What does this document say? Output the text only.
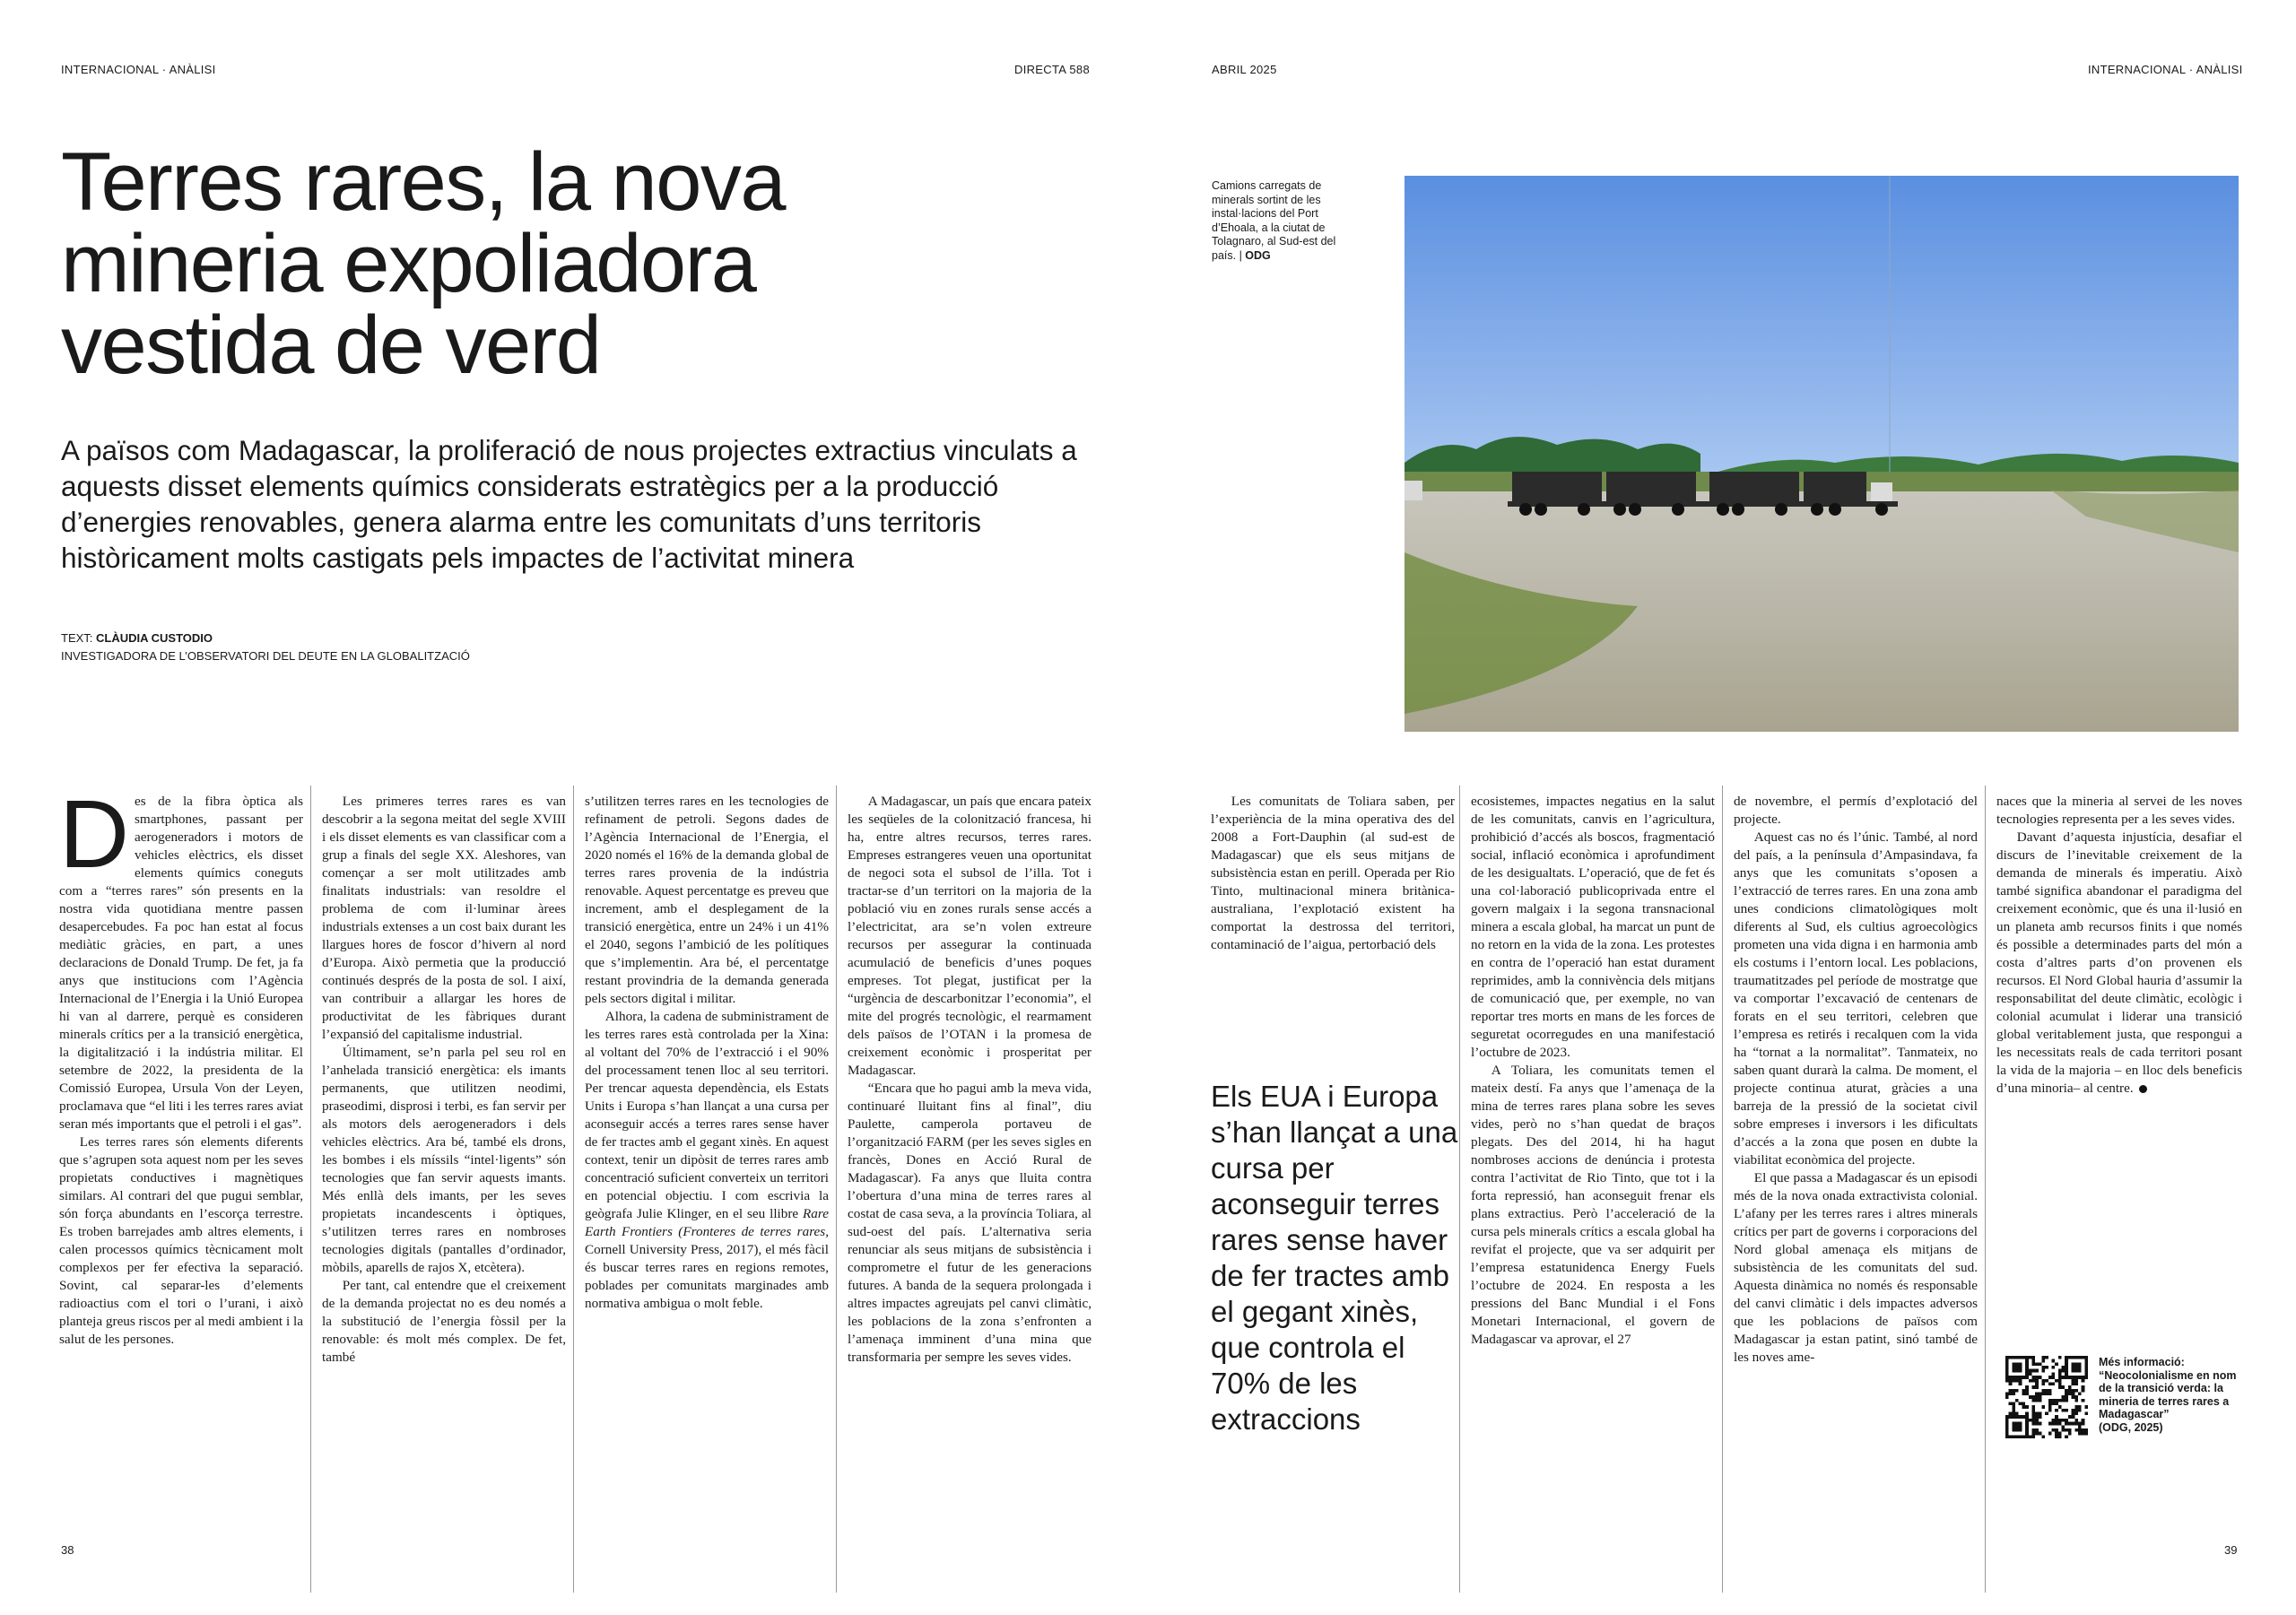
INTERNACIONAL · ANÀLISI	DIRECTA 588	ABRIL 2025	INTERNACIONAL · ANÀLISI
Terres rares, la nova mineria expoliadora vestida de verd

A països com Madagascar, la proliferació de nous projectes extractius vinculats a aquests disset elements químics considerats estratègics per a la producció d’energies renovables, genera alarma entre les comunitats d’uns territoris històricament molts castigats pels impactes de l’activitat minera

TEXT: CLÀUDIA CUSTODIO
INVESTIGADORA DE L’OBSERVATORI DEL DEUTE EN LA GLOBALITZACIÓ
Camions carregats de minerals sortint de les instal·lacions del Port d’Ehoala, a la ciutat de Tolagnaro, al Sud-est del país. | ODG

Des de la fibra òptica als smartphones, passant per aerogeneradors i motors de vehicles elèctrics, els disset elements químics coneguts com a “terres rares” són presents en la nostra vida quotidiana mentre passen desapercebudes. Fa poc han estat al focus mediàtic gràcies, en part, a unes declaracions de Donald Trump. De fet, ja fa anys que institucions com l’Agència Internacional de l’Energia i la Unió Europea hi van al darrere, perquè es consideren minerals crítics per a la transició energètica, la digitalització i la indústria militar. El setembre de 2022, la presidenta de la Comissió Europea, Ursula Von der Leyen, proclamava que “el liti i les terres rares aviat seran més importants que el petroli i el gas”.

Les terres rares són elements diferents que s’agrupen sota aquest nom per les seves propietats conductives i magnètiques similars. Al contrari del que pugui semblar, són força abundants en l’escorça terrestre. Es troben barrejades amb altres elements, i calen processos químics tècnicament molt complexos per fer efectiva la separació. Sovint, cal separar-les d’elements radioactius com el tori o l’urani, i això planteja greus riscos per al medi ambient i la salut de les persones.

Les primeres terres rares es van descobrir a la segona meitat del segle XVIII i els disset elements es van classificar com a grup a finals del segle XX. Aleshores, van començar a ser molt utilitzades amb finalitats industrials: van resoldre el problema de com il·luminar àrees industrials extenses a un cost baix durant les llargues hores de foscor d’hivern al nord d’Europa. Això permetia que la producció continués després de la posta de sol. I així, van contribuir a allargar les hores de productivitat de les fàbriques durant l’expansió del capitalisme industrial.

Últimament, se’n parla pel seu rol en l’anhelada transició energètica: els imants permanents, que utilitzen neodimi, praseodimi, disprosi i terbi, es fan servir per als motors dels aerogeneradors i dels vehicles elèctrics. Ara bé, també els drons, les bombes i els míssils “intel·ligents” són tecnologies que fan servir aquests imants. Més enllà dels imants, per les seves propietats incandescents i òptiques, s’utilitzen terres rares en nombroses tecnologies digitals (pantalles d’ordinador, mòbils, aparells de rajos X, etcètera).

Per tant, cal entendre que el creixement de la demanda projectat no es deu només a la substitució de l’energia fòssil per la renovable: és molt més complex. De fet, també

s’utilitzen terres rares en les tecnologies de refinament de petroli. Segons dades de l’Agència Internacional de l’Energia, el 2020 només el 16% de la demanda global de terres rares provenia de la indústria renovable. Aquest percentatge es preveu que increment, amb el desplegament de la transició energètica, entre un 24% i un 41% el 2040, segons l’ambició de les polítiques que s’implementin. Ara bé, el percentatge restant provindria de la demanda generada pels sectors digital i militar.

Alhora, la cadena de subministrament de les terres rares està controlada per la Xina: al voltant del 70% de l’extracció i el 90% del processament tenen lloc al seu territori. Per trencar aquesta dependència, els Estats Units i Europa s’han llançat a una cursa per aconseguir accés a terres rares sense haver de fer tractes amb el gegant xinès. En aquest context, tenir un dipòsit de terres rares amb concentració suficient converteix un territori en potencial objectiu. I com escrivia la geògrafa Julie Klinger, en el seu llibre Rare Earth Frontiers (Fronteres de terres rares, Cornell University Press, 2017), el més fàcil és buscar terres rares en regions remotes, poblades per comunitats marginades amb normativa ambigua o molt feble.

A Madagascar, un país que encara pateix les seqüeles de la colonització francesa, hi ha, entre altres recursos, terres rares. Empreses estrangeres veuen una oportunitat de negoci sota el subsol de l’illa. Tot i tractar-se d’un territori on la majoria de la població viu en zones rurals sense accés a l’electricitat, ara se’n volen extreure recursos per assegurar la continuada acumulació de beneficis d’unes poques empreses. Tot plegat, justificat per la “urgència de descarbonitzar l’economia”, el mite del progrés tecnològic, el rearmament dels països de l’OTAN i la promesa de creixement econòmic i prosperitat per Madagascar.

“Encara que ho pagui amb la meva vida, continuaré lluitant fins al final”, diu Paulette, camperola portaveu de l’organització FARM (per les seves sigles en francès, Dones en Acció Rural de Madagascar). Fa anys que lluita contra l’obertura d’una mina de terres rares al costat de casa seva, a la província Toliara, al sud-oest del país. L’alternativa seria renunciar als seus mitjans de subsistència i comprometre el futur de les generacions futures. A banda de la sequera prolongada i altres impactes agreujats pel canvi climàtic, les poblacions de la zona s’enfronten a l’amenaça imminent d’una mina que transformaria per sempre les seves vides.

Les comunitats de Toliara saben, per l’experiència de la mina operativa des del 2008 a Fort-Dauphin (al sud-est de Madagascar) que els seus mitjans de subsistència estan en perill. Operada per Rio Tinto, multinacional minera britànica-australiana, l’explotació existent ha comportat la destrossa del territori, contaminació de l’aigua, pertorbació dels

Els EUA i Europa s’han llançat a una cursa per aconseguir terres rares sense haver de fer tractes amb el gegant xinès, que controla el 70% de les extraccions

ecosistemes, impactes negatius en la salut de les comunitats, canvis en l’agricultura, prohibició d’accés als boscos, fragmentació social, inflació econòmica i aprofundiment de les desigualtats. L’operació, que de fet és una col·laboració publicoprivada entre el govern malgaix i la segona transnacional minera a escala global, ha marcat un punt de no retorn en la vida de la zona. Les protestes en contra de l’operació han estat durament reprimides, amb la connivència dels mitjans de comunicació que, per exemple, no van reportar tres morts en mans de les forces de seguretat ocorregudes en una manifestació l’octubre de 2023.

A Toliara, les comunitats temen el mateix destí. Fa anys que l’amenaça de la mina de terres rares plana sobre les seves vides, però no s’han quedat de braços plegats. Des del 2014, hi ha hagut nombroses accions de denúncia i protesta contra l’activitat de Rio Tinto, que tot i la forta repressió, han aconseguit frenar els plans extractius. Però l’acceleració de la cursa pels minerals crítics a escala global ha revifat el projecte, que va ser adquirit per l’empresa estatunidenca Energy Fuels l’octubre de 2024. En resposta a les pressions del Banc Mundial i el Fons Monetari Internacional, el govern de Madagascar va aprovar, el 27

de novembre, el permís d’explotació del projecte.

Aquest cas no és l’únic. També, al nord del país, a la península d’Ampasindava, fa anys que les comunitats s’oposen a l’extracció de terres rares. En una zona amb unes condicions climatològiques molt diferents al Sud, els cultius agroecològics prometen una vida digna i en harmonia amb els costums i l’entorn local. Les poblacions, traumatitzades pel període de mostratge que va comportar l’excavació de centenars de forats en el seu territori, celebren que l’empresa es retirés i recalquen com la vida ha “tornat a la normalitat”. Tanmateix, no saben quant durarà la calma. De moment, el projecte continua aturat, gràcies a una barreja de la pressió de la societat civil sobre empreses i inversors i les dificultats d’accés a la zona que posen en dubte la viabilitat econòmica del projecte.

El que passa a Madagascar és un episodi més de la nova onada extractivista colonial. L’afany per les terres rares i altres minerals crítics per part de governs i corporacions del Nord global amenaça els mitjans de subsistència de les comunitats del sud. Aquesta dinàmica no només és responsable del canvi climàtic i dels impactes adversos que les poblacions de països com Madagascar ja estan patint, sinó també de les noves ame-

naces que la mineria al servei de les noves tecnologies representa per a les seves vides.

Davant d’aquesta injustícia, desafiar el discurs de l’inevitable creixement de la demanda de minerals és imperatiu. Això també significa abandonar el paradigma del creixement econòmic, que és una il·lusió en un planeta amb recursos finits i que només és possible a determinades parts del món a costa d’altres parts d’on provenen els recursos. El Nord Global hauria d’assumir la responsabilitat del deute climàtic, ecològic i colonial acumulat i liderar una transició global veritablement justa, que respongui a les necessitats reals de cada territori posant la vida de la majoria – en lloc dels beneficis d’una minoria– al centre.

Més informació:
“Neocolonialisme en nom de la transició verda: la mineria de terres rares a Madagascar”
(ODG, 2025)
38	39
